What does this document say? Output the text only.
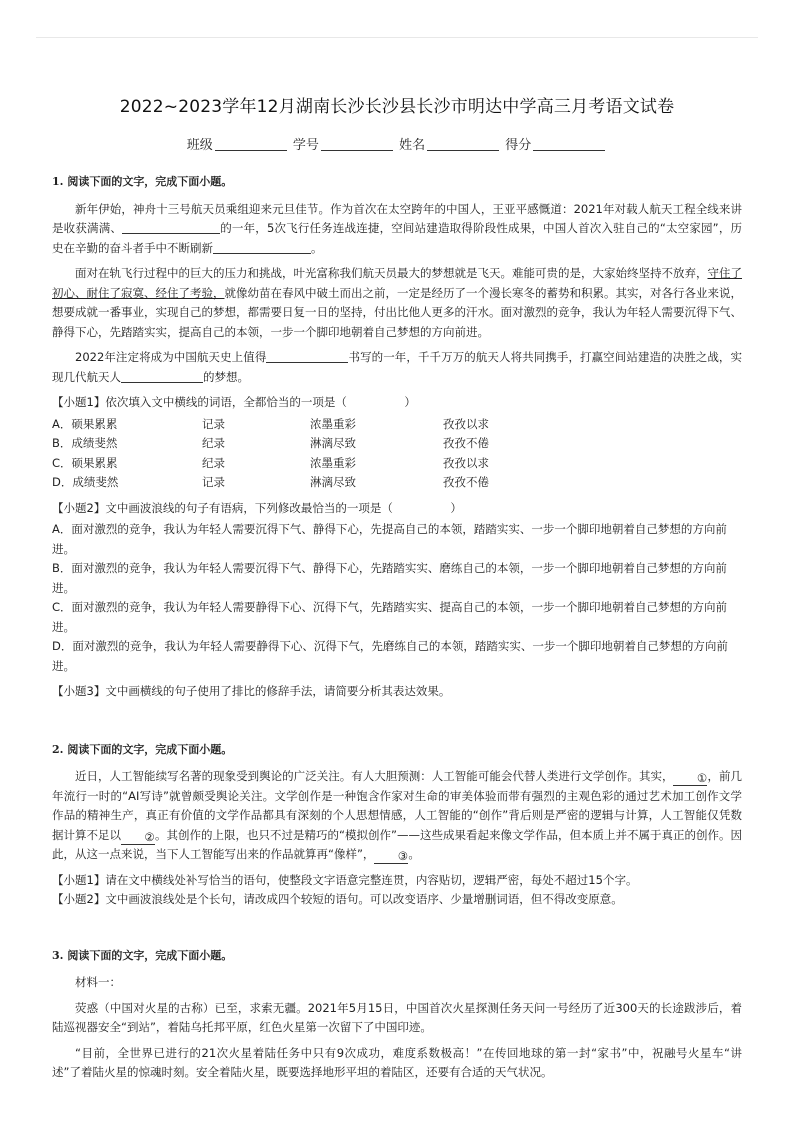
2022~2023学年12月湖南长沙长沙县长沙市明达中学高三月考语文试卷
班级	学号	姓名	得分
1. 阅读下面的文字，完成下面小题。

新年伊始，神舟十三号航天员乘组迎来元旦佳节。作为首次在太空跨年的中国人，王亚平感慨道：2021年对载人航天工程全线来讲是收获满满、	的一年，5次飞行任务连战连捷，空间站建造取得阶段性成果，中国人首次入驻自己的“太空家园”，历史在辛勤的奋斗者手中不断刷新	。

面对在轨飞行过程中的巨大的压力和挑战，叶光富称我们航天员最大的梦想就是飞天。难能可贵的是，大家始终坚持不放弃，守住了初心、耐住了寂寞、经住了考验，就像幼苗在春风中破土而出之前，一定是经历了一个漫长寒冬的蓄势和积累。其实，对各行各业来说，想要成就一番事业，实现自己的梦想，都需要日复一日的坚持，付出比他人更多的汗水。面对激烈的竞争，我认为年轻人需要沉得下气、静得下心，先踏踏实实，提高自己的本领，一步一个脚印地朝着自己梦想的方向前进。

2022年注定将成为中国航天史上值得	书写的一年，千千万万的航天人将共同携手，打赢空间站建造的决胜之战，实现几代航天人	的梦想。

【小题1】依次填入文中横线的词语，全都恰当的一项是（　　　　　）
A．硕果累累	记录	浓墨重彩	孜孜以求
B．成绩斐然	纪录	淋漓尽致	孜孜不倦
C．硕果累累	纪录	浓墨重彩	孜孜以求
D．成绩斐然	记录	淋漓尽致	孜孜不倦
【小题2】文中画波浪线的句子有语病，下列修改最恰当的一项是（　　　　　）

A．面对激烈的竞争，我认为年轻人需要沉得下气、静得下心，先提高自己的本领，踏踏实实、一步一个脚印地朝着自己梦想的方向前进。

B．面对激烈的竞争，我认为年轻人需要沉得下气、静得下心，先踏踏实实、磨练自己的本领，一步一个脚印地朝着自己梦想的方向前进。

C．面对激烈的竞争，我认为年轻人需要静得下心、沉得下气，先踏踏实实、提高自己的本领，一步一个脚印地朝着自己梦想的方向前进。

D．面对激烈的竞争，我认为年轻人需要静得下心、沉得下气，先磨练自己的本领，踏踏实实、一步一个脚印地朝着自己梦想的方向前进。

【小题3】文中画横线的句子使用了排比的修辞手法，请简要分析其表达效果。
2. 阅读下面的文字，完成下面小题。

近日，人工智能续写名著的现象受到舆论的广泛关注。有人大胆预测：人工智能可能会代替人类进行文学创作。其实， ①，前几年流行一时的“AI写诗”就曾颇受舆论关注。文学创作是一种饱含作家对生命的审美体验而带有强烈的主观色彩的通过艺术加工创作文学作品的精神生产，真正有价值的文学作品都具有深刻的个人思想情感，人工智能的“创作”背后则是严密的逻辑与计算，人工智能仅凭数据计算不足以 ②。其创作的上限，也只不过是精巧的“模拟创作”——这些成果看起来像文学作品，但本质上并不属于真正的创作。因此，从这一点来说，当下人工智能写出来的作品就算再“像样”， ③。

【小题1】请在文中横线处补写恰当的语句，使整段文字语意完整连贯，内容贴切，逻辑严密，每处不超过15个字。

【小题2】文中画波浪线处是个长句，请改成四个较短的语句。可以改变语序、少量增删词语，但不得改变原意。

3. 阅读下面的文字，完成下面小题。

材料一：

荧惑（中国对火星的古称）已至，求索无疆。2021年5月15日，中国首次火星探测任务天问一号经历了近300天的长途跋涉后，着陆巡视器安全“到站”，着陆乌托邦平原，红色火星第一次留下了中国印迹。

“目前，全世界已进行的21次火星着陆任务中只有9次成功，难度系数极高！”在传回地球的第一封“家书”中，祝融号火星车“讲述”了着陆火星的惊魂时刻。安全着陆火星，既要选择地形平坦的着陆区，还要有合适的天气状况。
